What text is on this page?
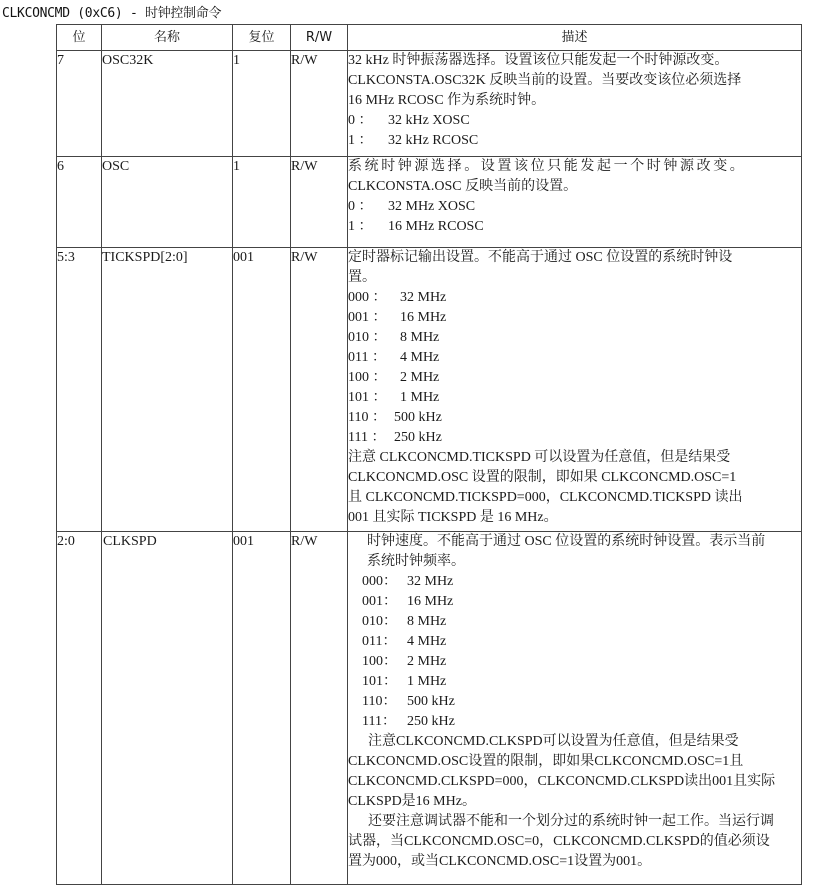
CLKCONCMD (0xC6) - 时钟控制命令
位	名称	复位	R/W	描述
7	OSC32K	1	R/W	32 kHz 时钟振荡器选择。设置该位只能发起一个时钟源改变。
CLKCONSTA.OSC32K 反映当前的设置。当要改变该位必须选择
16 MHz RCOSC 作为系统时钟。
0 ：	32 kHz XOSC
1 ：	32 kHz RCOSC

6	OSC	1	R/W	系统时钟源选择。设置该位只能发起一个时钟源改变。
CLKCONSTA.OSC 反映当前的设置。
0 ：	32 MHz XOSC
1 ：	16 MHz RCOSC

5:3	TICKSPD[2:0]	001	R/W	定时器标记输出设置。不能高于通过 OSC 位设置的系统时钟设
置。
000 ： 32 MHz
001 ： 16 MHz
010 ： 8 MHz
011 ：	4 MHz
100 ： 2 MHz
101 ： 1 MHz
110 ： 500 kHz
111 ： 250 kHz
注意 CLKCONCMD.TICKSPD 可以设置为任意值，但是结果受
CLKCONCMD.OSC 设置的限制，即如果 CLKCONCMD.OSC=1
且 CLKCONCMD.TICKSPD=000，CLKCONCMD.TICKSPD 读出
001 且实际 TICKSPD 是 16 MHz。

2:0	CLKSPD	001	R/W	时钟速度。不能高于通过 OSC 位设置的系统时钟设置。表示当前
系统时钟频率。
000： 32 MHz
001： 16 MHz
010： 8 MHz
011： 4 MHz
100： 2 MHz
101： 1 MHz
110： 500 kHz
111： 250 kHz
注意CLKCONCMD.CLKSPD可以设置为任意值，但是结果受
CLKCONCMD.OSC设置的限制，即如果CLKCONCMD.OSC=1且
CLKCONCMD.CLKSPD=000，CLKCONCMD.CLKSPD读出001且实际
CLKSPD是16 MHz。
还要注意调试器不能和一个划分过的系统时钟一起工作。当运行调
试器，当CLKCONCMD.OSC=0，CLKCONCMD.CLKSPD的值必须设
置为000，或当CLKCONCMD.OSC=1设置为001。
